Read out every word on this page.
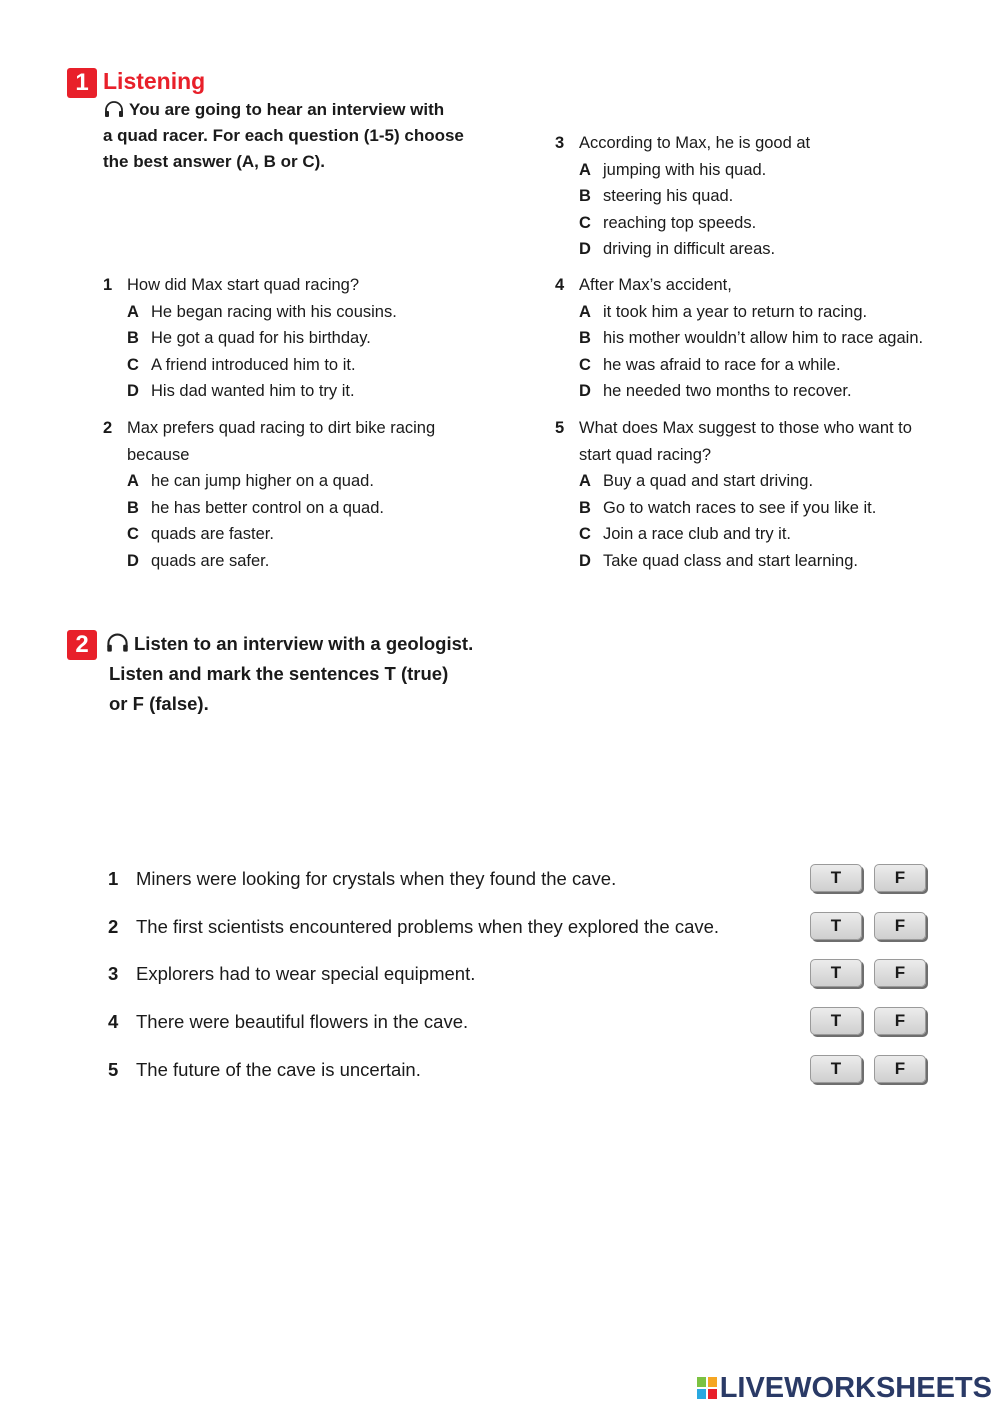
1 Listening
You are going to hear an interview with
a quad racer. For each question (1-5) choose
the best answer (A, B or C).
3 According to Max, he is good at
A jumping with his quad.
B steering his quad.
C reaching top speeds.
D driving in difficult areas.
1 How did Max start quad racing?
A He began racing with his cousins.
B He got a quad for his birthday.
C A friend introduced him to it.
D His dad wanted him to try it.
4 After Max’s accident,
A it took him a year to return to racing.
B his mother wouldn’t allow him to race again.
C he was afraid to race for a while.
D he needed two months to recover.
2 Max prefers quad racing to dirt bike racing
because
A he can jump higher on a quad.
B he has better control on a quad.
C quads are faster.
D quads are safer.
5 What does Max suggest to those who want to
start quad racing?
A Buy a quad and start driving.
B Go to watch races to see if you like it.
C Join a race club and try it.
D Take quad class and start learning.
2	Listen to an interview with a geologist.
Listen and mark the sentences T (true)
or F (false).
1 Miners were looking for crystals when they found the cave.	T	F
2 The first scientists encountered problems when they explored the cave.	T	F
3 Explorers had to wear special equipment.	T	F
4 There were beautiful flowers in the cave.	T	F
5 The future of the cave is uncertain.	T	F
LIVEWORKSHEETS
